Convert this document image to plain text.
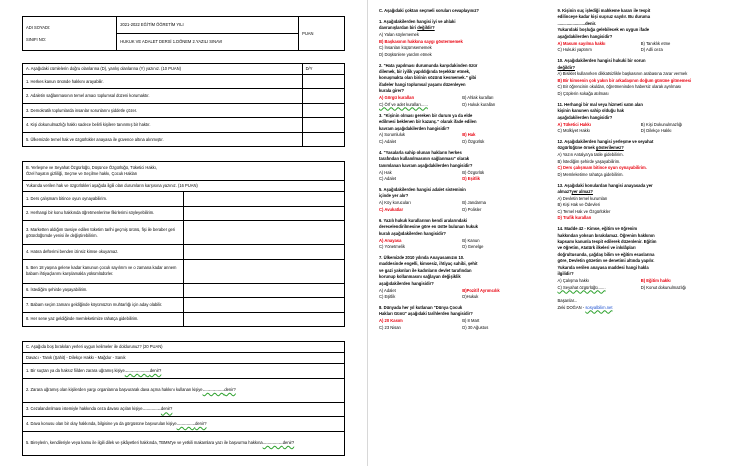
ADI SOYADI:
SINIFI NO:
	2021-2022 EĞİTİM ÖĞRETİM YILI	PUAN
HUKUK VE ADALET DERSİ 1.DÖNEM 2.YAZILI SINAVI
A. Aşağıdaki cümlelerin doğru olanlarına (D), yanlış olanlarına (Y) yazınız. (10 PUAN)	D/Y
1. Herkes kanun önünde hakkını arayabilir.	
2. Adaletin sağlanmasının temel amacı toplumsal düzeni korumaktır.	
3. Demokratik toplumlarda insanlar sorunlarını şiddetle çözer.	
4. Kişi dokunulmazlığı hakkı sadece belirli kişilere tanınmış bir haktır.	
5. Ülkemizde temel hak ve özgürlükler anayasa ile güvence altına alınmıştır.	
B. Yerleşme ve Seyahat Özgürlüğü, Düşünce Özgürlüğü, Tüketici Hakkı,
Özel hayatın gizliliği, Seçme ve Seçilme hakkı, Çocuk Hakları	

Yukarıda verilen hak ve özgürlükleri aşağıda ilgili olan durumların karşısına yazınız. (16 PUAN)	
1. Ders çalışmam bitince oyun oynayabilirim.	
2. Herhangi bir konu hakkında öğretmenlerime fikirlerimi söyleyebilirim.	
3. Marketten aldığım tavsiye edilen tüketim tarihi geçmiş ürünü, fişi ile beraber geri götürdüğümde yenisi ile değiştirebilirim.	
4. Hatıra defterimi benden izinsiz kimse okuyamaz.	
5. Ben 18 yaşına gelene kadar kanunun çocuk sayılırım ve o zamana kadar annem babam ihtiyaçlarımı karşılamakla yükümlüdürler.	
6. İstediğim şehirde yaşayabilirim.	
7. Babam seçim zamanı geldiğinde köyümüzün muhtarlığı için aday olabilir.	
8. Her sene yaz geldiğinde memleketimize rahatça gidebilirim.	
C. Aşağıda boş bırakılan yerleri uygun kelimeler ile doldurunuz? (20 PUAN)
Davacı - Tanık (Şahit) - Dilekçe Hakkı - Mağdur - Sanık
1. Bir suçtan ya da haksız fiilden zarara uğramış kişiye..............................denir?
2. Zarara uğramış olan kişilerden yargı organlarına başvurarak dava açma hakkını kullanan kişiye..........................denir?
3. Cezalandırılması istemiyle hakkında ceza davası açılan kişiye......................denir?
4. Dava konusu olan bir olay hakkında, bilgisine ya da görgüsüne başvurulan kişiye......................denir?
5. Bireylerin, kendileriyle veya kamu ile ilgili dilek ve şikâyetleri hakkında, TBMM'ye ve yetkili makamlara yazı ile başvurma hakkına........................denir?
C. Aşağıdaki çoktan seçmeli soruları cevaplayınız?
1. Aşağıdakilerden hangisi iyi ve ahlaki
davranışlardan biri değildir?
A) Yalan söylememek
B) Başkasının hakkına saygı göstermemek
C) İnsanları küçümsememek
D) Düşkünlere yardım etmek
2. "Hata yapılması durumunda karşıdakinden özür
dilemek, bir iyilik yapıldığında teşekkür etmek,
konuşmakta olan birinin sözünü kesmemek." gibi
ifadeler hangi toplumsal yaşamı düzenleyen
kurala girer?
A) Görgü kuralları	B) Ahlak kuralları
C) Örf ve adet kuralları......	D) Hukuk kuralları
3. "Kişinin olması gereken bir durum ya da elde
edilmesi beklenen bir kazanç." olarak ifade edilen
kavram aşağıdakilerden hangisidir?
A) Sorumluluk	B) Hak
C) Adalet	D) Özgürlük
4. "Yasalarla sahip olunan hakların herkes
tarafından kullanılmasının sağlanması" olarak
tanımlanan kavram aşağıdakilerden hangisidir?
A) Hak	B) Özgürlük
C) Adalet	D) Eşitlik
5. Aşağıdakilerden hangisi adalet sisteminin
içinde yer alır?
A) Köy korucuları	B) Jandarma
C) Avukatlar	D) Polisler
6. Yazılı hukuk kurallarının kendi aralarındaki
derecelendirilmesine göre en üstte bulunan hukuk
kuralı aşağıdakilerden hangisidir?
A) Anayasa	B) Kanun
C) Yönetmelik	D) Genelge
7. Ülkemizde 2010 yılında Anayasamızın 10.
maddesinde engelli, kimsesiz, ihtiyaç sahibi, şehit
ve gazi yakınları ile kadınların devlet tarafından
korunup kollanmasını sağlayan değişiklik
aşağıdakilerden hangisidir?
A) Adalet	B)Pozitif Ayrımcılık
C) Eşitlik	D)Hukuk
8. Dünyada her yıl kutlanan "Dünya Çocuk
Hakları Günü" aşağıdaki tarihlerden hangisidir?
A) 20 Kasım	B) 8 Mart
C) 23 Nisan	D) 30 Ağustos
9. Kişinin suç işlediği mahkeme kararı ile tespit
edilinceye kadar kişi suçsuz sayılır. Bu duruma
........................denir.
Yukarıdaki boşluğa gelebilecek en uygun ifade
aşağıdakilerden hangisidir?
A) Masum sayılma hakkı	B) Tanıklık etme
C) Hukuki yaptırım	D) Adli ceza
10. Aşağıdakilerden hangisi hukuki bir sorun
değildir?
A) Bisiklet kullanırken dikkatsizlikle başkasının arabasına zarar vermek
B) Bir kimsenin çok yakın bir arkadaşının doğum gününe gitmemesi
C) Bir öğrencinin okuldan, öğretmeninden habersiz olarak ayrılması
D) Çöplerin sokağa atılması
11. Herhangi bir mal veya hizmeti satın alan
kişinin kanunen sahip olduğu hak
aşağıdakilerden hangisidir?
A) Tüketici Hakkı	B) Kişi Dokunulmazlığı
C) Mülkiyet Hakkı	D) Dilekçe Hakkı
12. Aşağıdakilerden hangisi yerleşme ve seyahat
özgürlüğüne örnek gösterilemez?
A) Yazın Antalya'ya tatile gidebilirim.
B) İstediğim şehirde yaşayabilirim.
C) Ders çalışmam bitince oyun oynayabilirim.
D) Memleketime rahatça gidebilirim.
13. Aşağıdaki konulardan hangisi anayasada yer
almaz?yer almaz?
A) Devletin temel kurumları
B) Kişi Hak ve Ödevleri
C) Temel Hak ve Özgürlükler
D) Trafik kuralları
14. Madde 42 - Kimse, eğitim ve öğrenim
hakkından yoksun bırakılamaz. Öğrenim hakkının
kapsamı kanunla tespit edilerek düzenlenir. Eğitim
ve öğretim, Atatürk ilkeleri ve inkılâpları
doğrultusunda, çağdaş bilim ve eğitim esaslarına
göre, Devletin gözetim ve denetimi altında yapılır.
Yukarıda verilen anayasa maddesi hangi hakla
ilgilidir?
A) Çalışma hakkı	B) Eğitim hakkı
C) Seyahat özgürlüğü.......	D) Konut dokunulmazlığı
Başarılar...
Zeki DOĞAN - sosyalbilim.net
